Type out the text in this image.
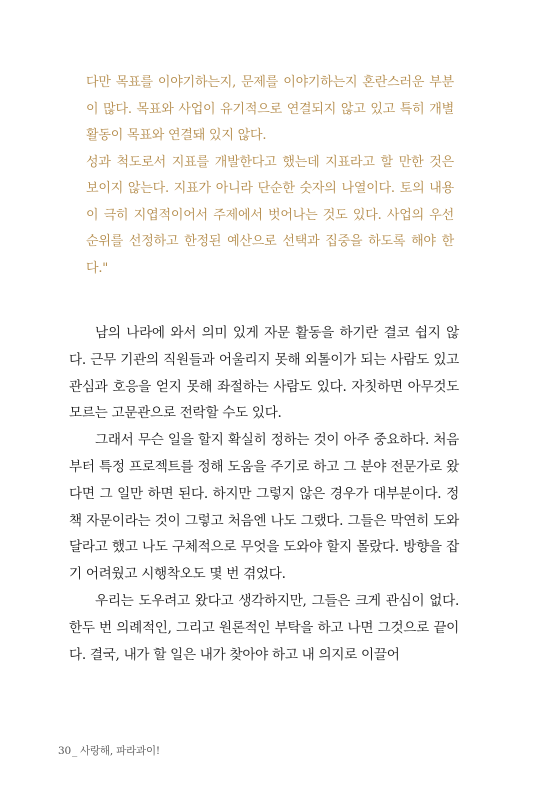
다만 목표를 이야기하는지, 문제를 이야기하는지 혼란스러운 부분이 많다. 목표와 사업이 유기적으로 연결되지 않고 있고 특히 개별 활동이 목표와 연결돼 있지 않다.

성과 척도로서 지표를 개발한다고 했는데 지표라고 할 만한 것은 보이지 않는다. 지표가 아니라 단순한 숫자의 나열이다. 토의 내용이 극히 지엽적이어서 주제에서 벗어나는 것도 있다. 사업의 우선순위를 선정하고 한정된 예산으로 선택과 집중을 하도록 해야 한다."

남의 나라에 와서 의미 있게 자문 활동을 하기란 결코 쉽지 않다. 근무 기관의 직원들과 어울리지 못해 외톨이가 되는 사람도 있고 관심과 호응을 얻지 못해 좌절하는 사람도 있다. 자칫하면 아무것도 모르는 고문관으로 전락할 수도 있다.

그래서 무슨 일을 할지 확실히 정하는 것이 아주 중요하다. 처음부터 특정 프로젝트를 정해 도움을 주기로 하고 그 분야 전문가로 왔다면 그 일만 하면 된다. 하지만 그렇지 않은 경우가 대부분이다. 정책 자문이라는 것이 그렇고 처음엔 나도 그랬다. 그들은 막연히 도와 달라고 했고 나도 구체적으로 무엇을 도와야 할지 몰랐다. 방향을 잡기 어려웠고 시행착오도 몇 번 겪었다.

우리는 도우려고 왔다고 생각하지만, 그들은 크게 관심이 없다. 한두 번 의례적인, 그리고 원론적인 부탁을 하고 나면 그것으로 끝이다. 결국, 내가 할 일은 내가 찾아야 하고 내 의지로 이끌어

30_ 사랑해, 파라과이!
